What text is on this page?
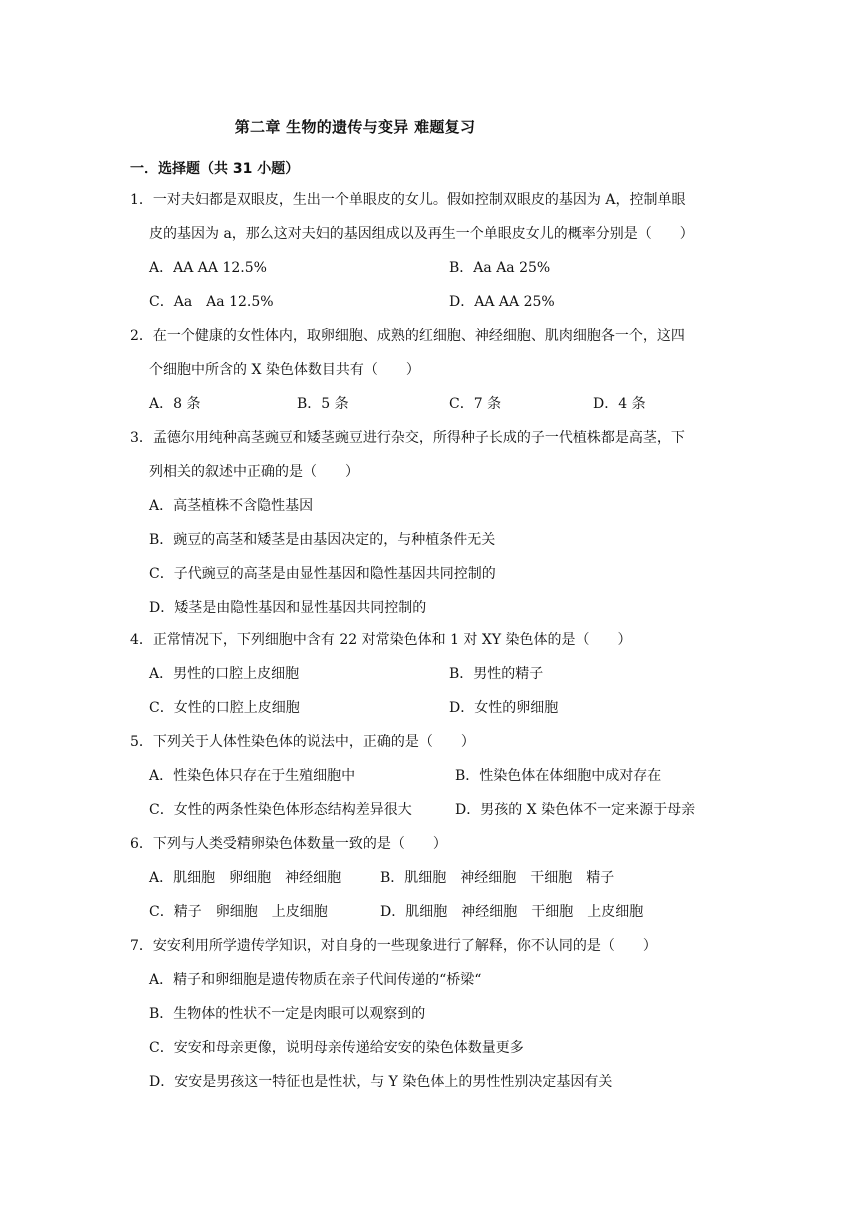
第二章 生物的遗传与变异 难题复习
一．选择题（共 31 小题）
1．一对夫妇都是双眼皮，生出一个单眼皮的女儿。假如控制双眼皮的基因为 A，控制单眼
皮的基因为 a，那么这对夫妇的基因组成以及再生一个单眼皮女儿的概率分别是（　　）
A．AA AA 12.5%	B．Aa Aa 25%
C．Aa　Aa 12.5%	D．AA AA 25%
2．在一个健康的女性体内，取卵细胞、成熟的红细胞、神经细胞、肌肉细胞各一个，这四
个细胞中所含的 X 染色体数目共有（　　）
A．8 条	B．5 条	C．7 条	D．4 条
3．孟德尔用纯种高茎豌豆和矮茎豌豆进行杂交，所得种子长成的子一代植株都是高茎，下
列相关的叙述中正确的是（　　）
A．高茎植株不含隐性基因
B．豌豆的高茎和矮茎是由基因决定的，与种植条件无关
C．子代豌豆的高茎是由显性基因和隐性基因共同控制的
D．矮茎是由隐性基因和显性基因共同控制的
4．正常情况下，下列细胞中含有 22 对常染色体和 1 对 XY 染色体的是（　　）
A．男性的口腔上皮细胞	B．男性的精子
C．女性的口腔上皮细胞	D．女性的卵细胞
5．下列关于人体性染色体的说法中，正确的是（　　）
A．性染色体只存在于生殖细胞中	B．性染色体在体细胞中成对存在
C．女性的两条性染色体形态结构差异很大	D．男孩的 X 染色体不一定来源于母亲
6．下列与人类受精卵染色体数量一致的是（　　）
A．肌细胞　卵细胞　神经细胞	B．肌细胞　神经细胞　干细胞　精子
C．精子　卵细胞　上皮细胞	D．肌细胞　神经细胞　干细胞　上皮细胞
7．安安利用所学遗传学知识，对自身的一些现象进行了解释，你不认同的是（　　）
A．精子和卵细胞是遗传物质在亲子代间传递的“桥梁“
B．生物体的性状不一定是肉眼可以观察到的
C．安安和母亲更像，说明母亲传递给安安的染色体数量更多
D．安安是男孩这一特征也是性状，与 Y 染色体上的男性性别决定基因有关
